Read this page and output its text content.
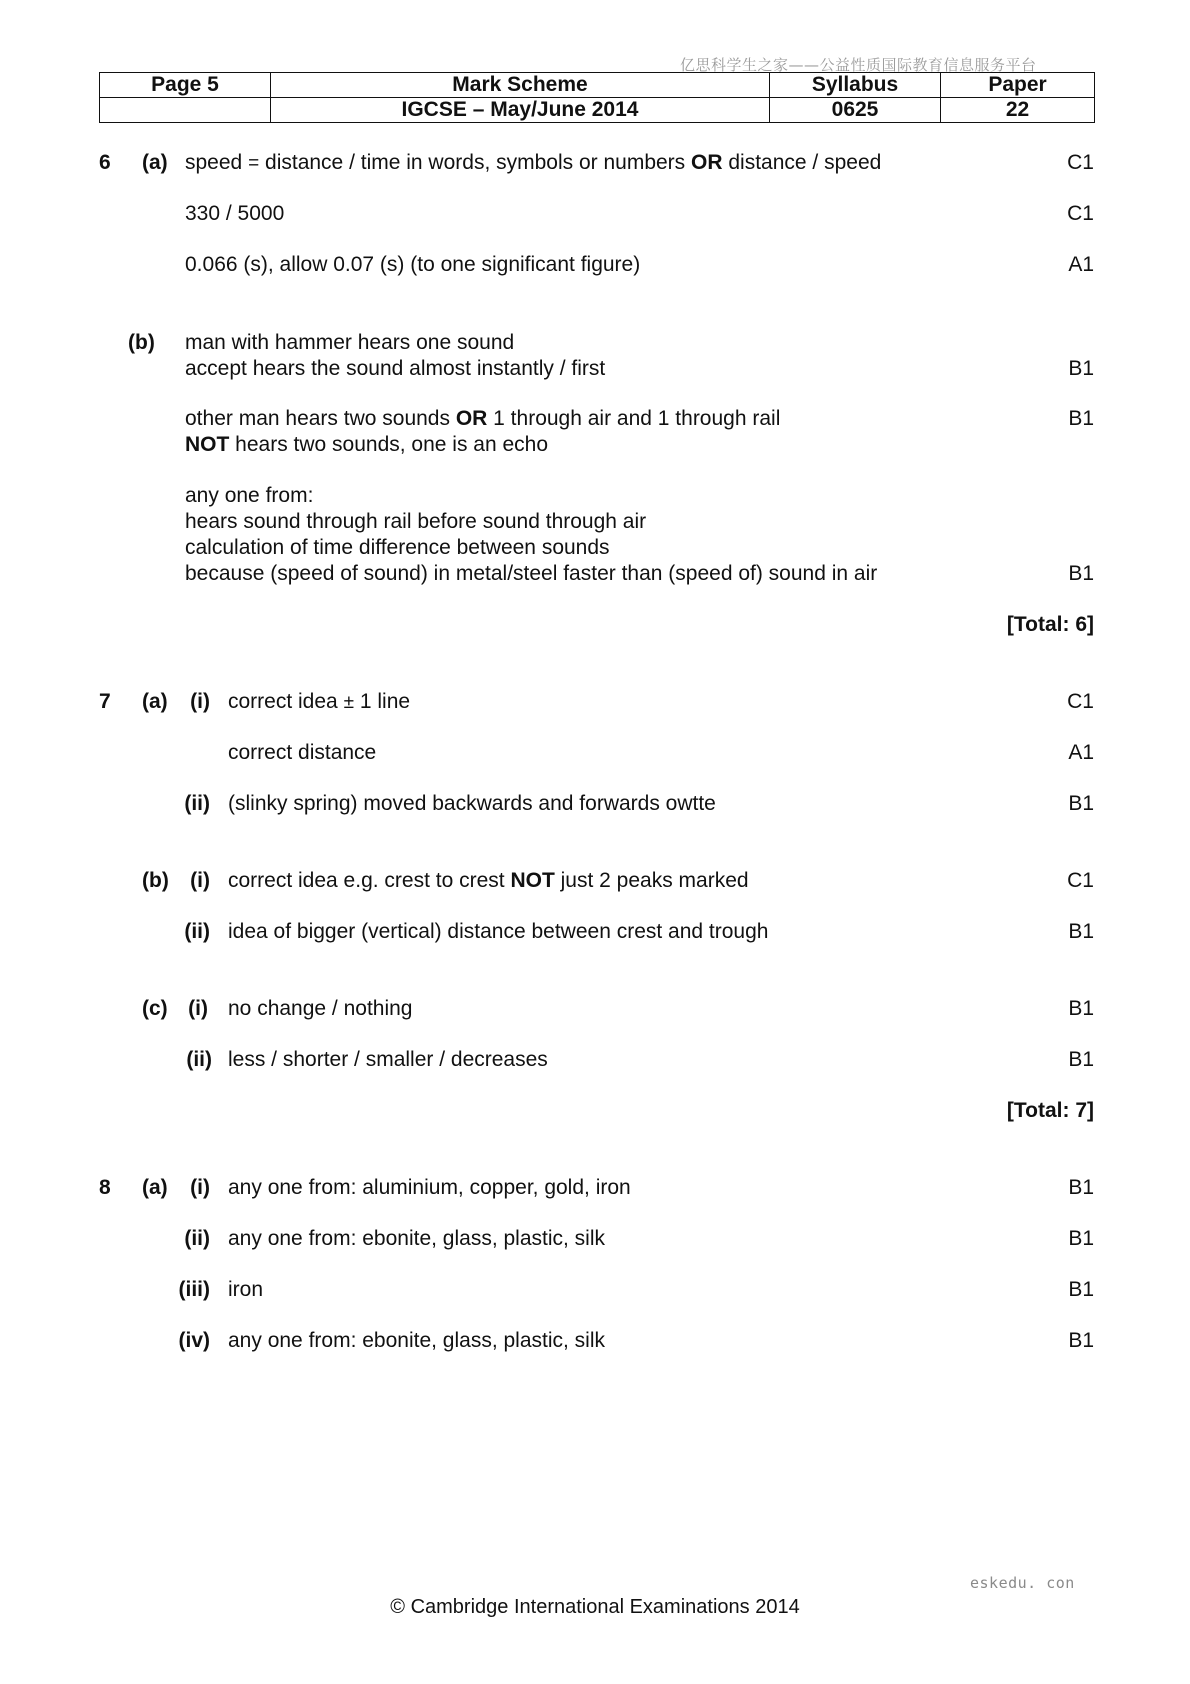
亿思科学生之家——公益性质国际教育信息服务平台
Page 5	Mark Scheme	Syllabus	Paper
	IGCSE – May/June 2014	0625	22
6 (a) speed = distance / time in words, symbols or numbers OR distance / speed	C1
330 / 5000	C1
0.066 (s), allow 0.07 (s) (to one significant figure)	A1
(b) man with hammer hears one sound
accept hears the sound almost instantly / first	B1
other man hears two sounds OR 1 through air and 1 through rail	B1
NOT hears two sounds, one is an echo
any one from:
hears sound through rail before sound through air
calculation of time difference between sounds
because (speed of sound) in metal/steel faster than (speed of) sound in air	B1
[Total: 6]
7 (a)	(i) correct idea ± 1 line	C1
correct distance	A1
(ii) (slinky spring) moved backwards and forwards owtte	B1
(b)	(i) correct idea e.g. crest to crest NOT just 2 peaks marked	C1
(ii) idea of bigger (vertical) distance between crest and trough	B1
(c) (i) no change / nothing	B1
(ii) less / shorter / smaller / decreases	B1
[Total: 7]
8 (a)	(i) any one from: aluminium, copper, gold, iron	B1
(ii) any one from: ebonite, glass, plastic, silk	B1
(iii) iron	B1
(iv) any one from: ebonite, glass, plastic, silk	B1
eskedu. con
© Cambridge International Examinations 2014
